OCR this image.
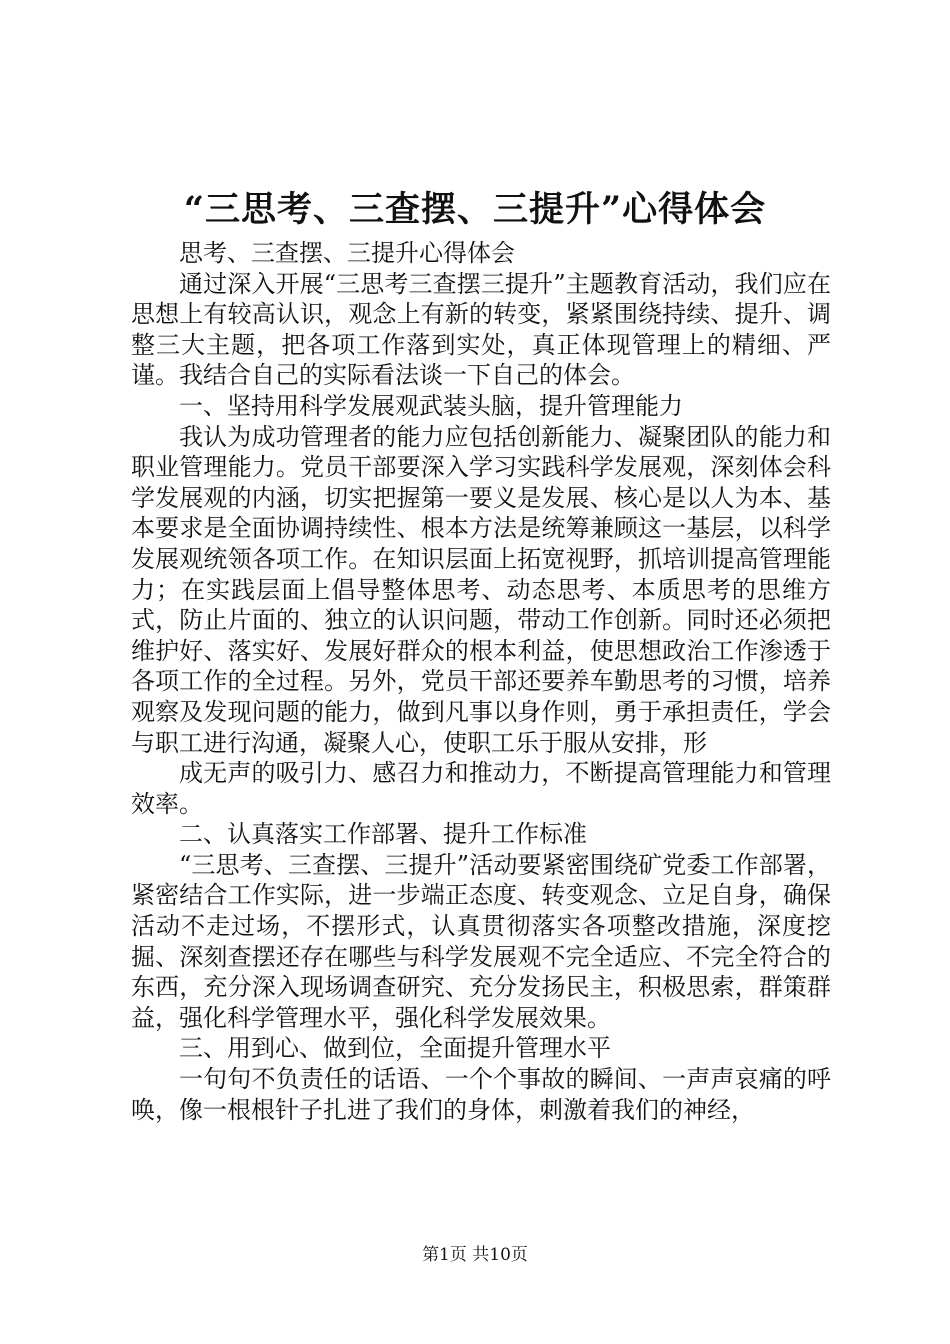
“三思考、三查摆、三提升”心得体会

思考、三查摆、三提升心得体会

通过深入开展“三思考三查摆三提升”主题教育活动，我们应在思想上有较高认识，观念上有新的转变，紧紧围绕持续、提升、调整三大主题，把各项工作落到实处，真正体现管理上的精细、严谨。我结合自己的实际看法谈一下自己的体会。

一、坚持用科学发展观武装头脑，提升管理能力

我认为成功管理者的能力应包括创新能力、凝聚团队的能力和职业管理能力。党员干部要深入学习实践科学发展观，深刻体会科学发展观的内涵，切实把握第一要义是发展、核心是以人为本、基本要求是全面协调持续性、根本方法是统筹兼顾这一基层，以科学发展观统领各项工作。在知识层面上拓宽视野，抓培训提高管理能力；在实践层面上倡导整体思考、动态思考、本质思考的思维方式，防止片面的、独立的认识问题，带动工作创新。同时还必须把维护好、落实好、发展好群众的根本利益，使思想政治工作渗透于各项工作的全过程。另外，党员干部还要养车勤思考的习惯，培养观察及发现问题的能力，做到凡事以身作则，勇于承担责任，学会与职工进行沟通，凝聚人心，使职工乐于服从安排，形

成无声的吸引力、感召力和推动力，不断提高管理能力和管理效率。

二、认真落实工作部署、提升工作标准

“三思考、三查摆、三提升”活动要紧密围绕矿党委工作部署，紧密结合工作实际，进一步端正态度、转变观念、立足自身，确保活动不走过场，不摆形式，认真贯彻落实各项整改措施，深度挖掘、深刻查摆还存在哪些与科学发展观不完全适应、不完全符合的东西，充分深入现场调查研究、充分发扬民主，积极思索，群策群益，强化科学管理水平，强化科学发展效果。

三、用到心、做到位，全面提升管理水平

一句句不负责任的话语、一个个事故的瞬间、一声声哀痛的呼唤，像一根根针子扎进了我们的身体，刺激着我们的神经，

第1页 共10页
